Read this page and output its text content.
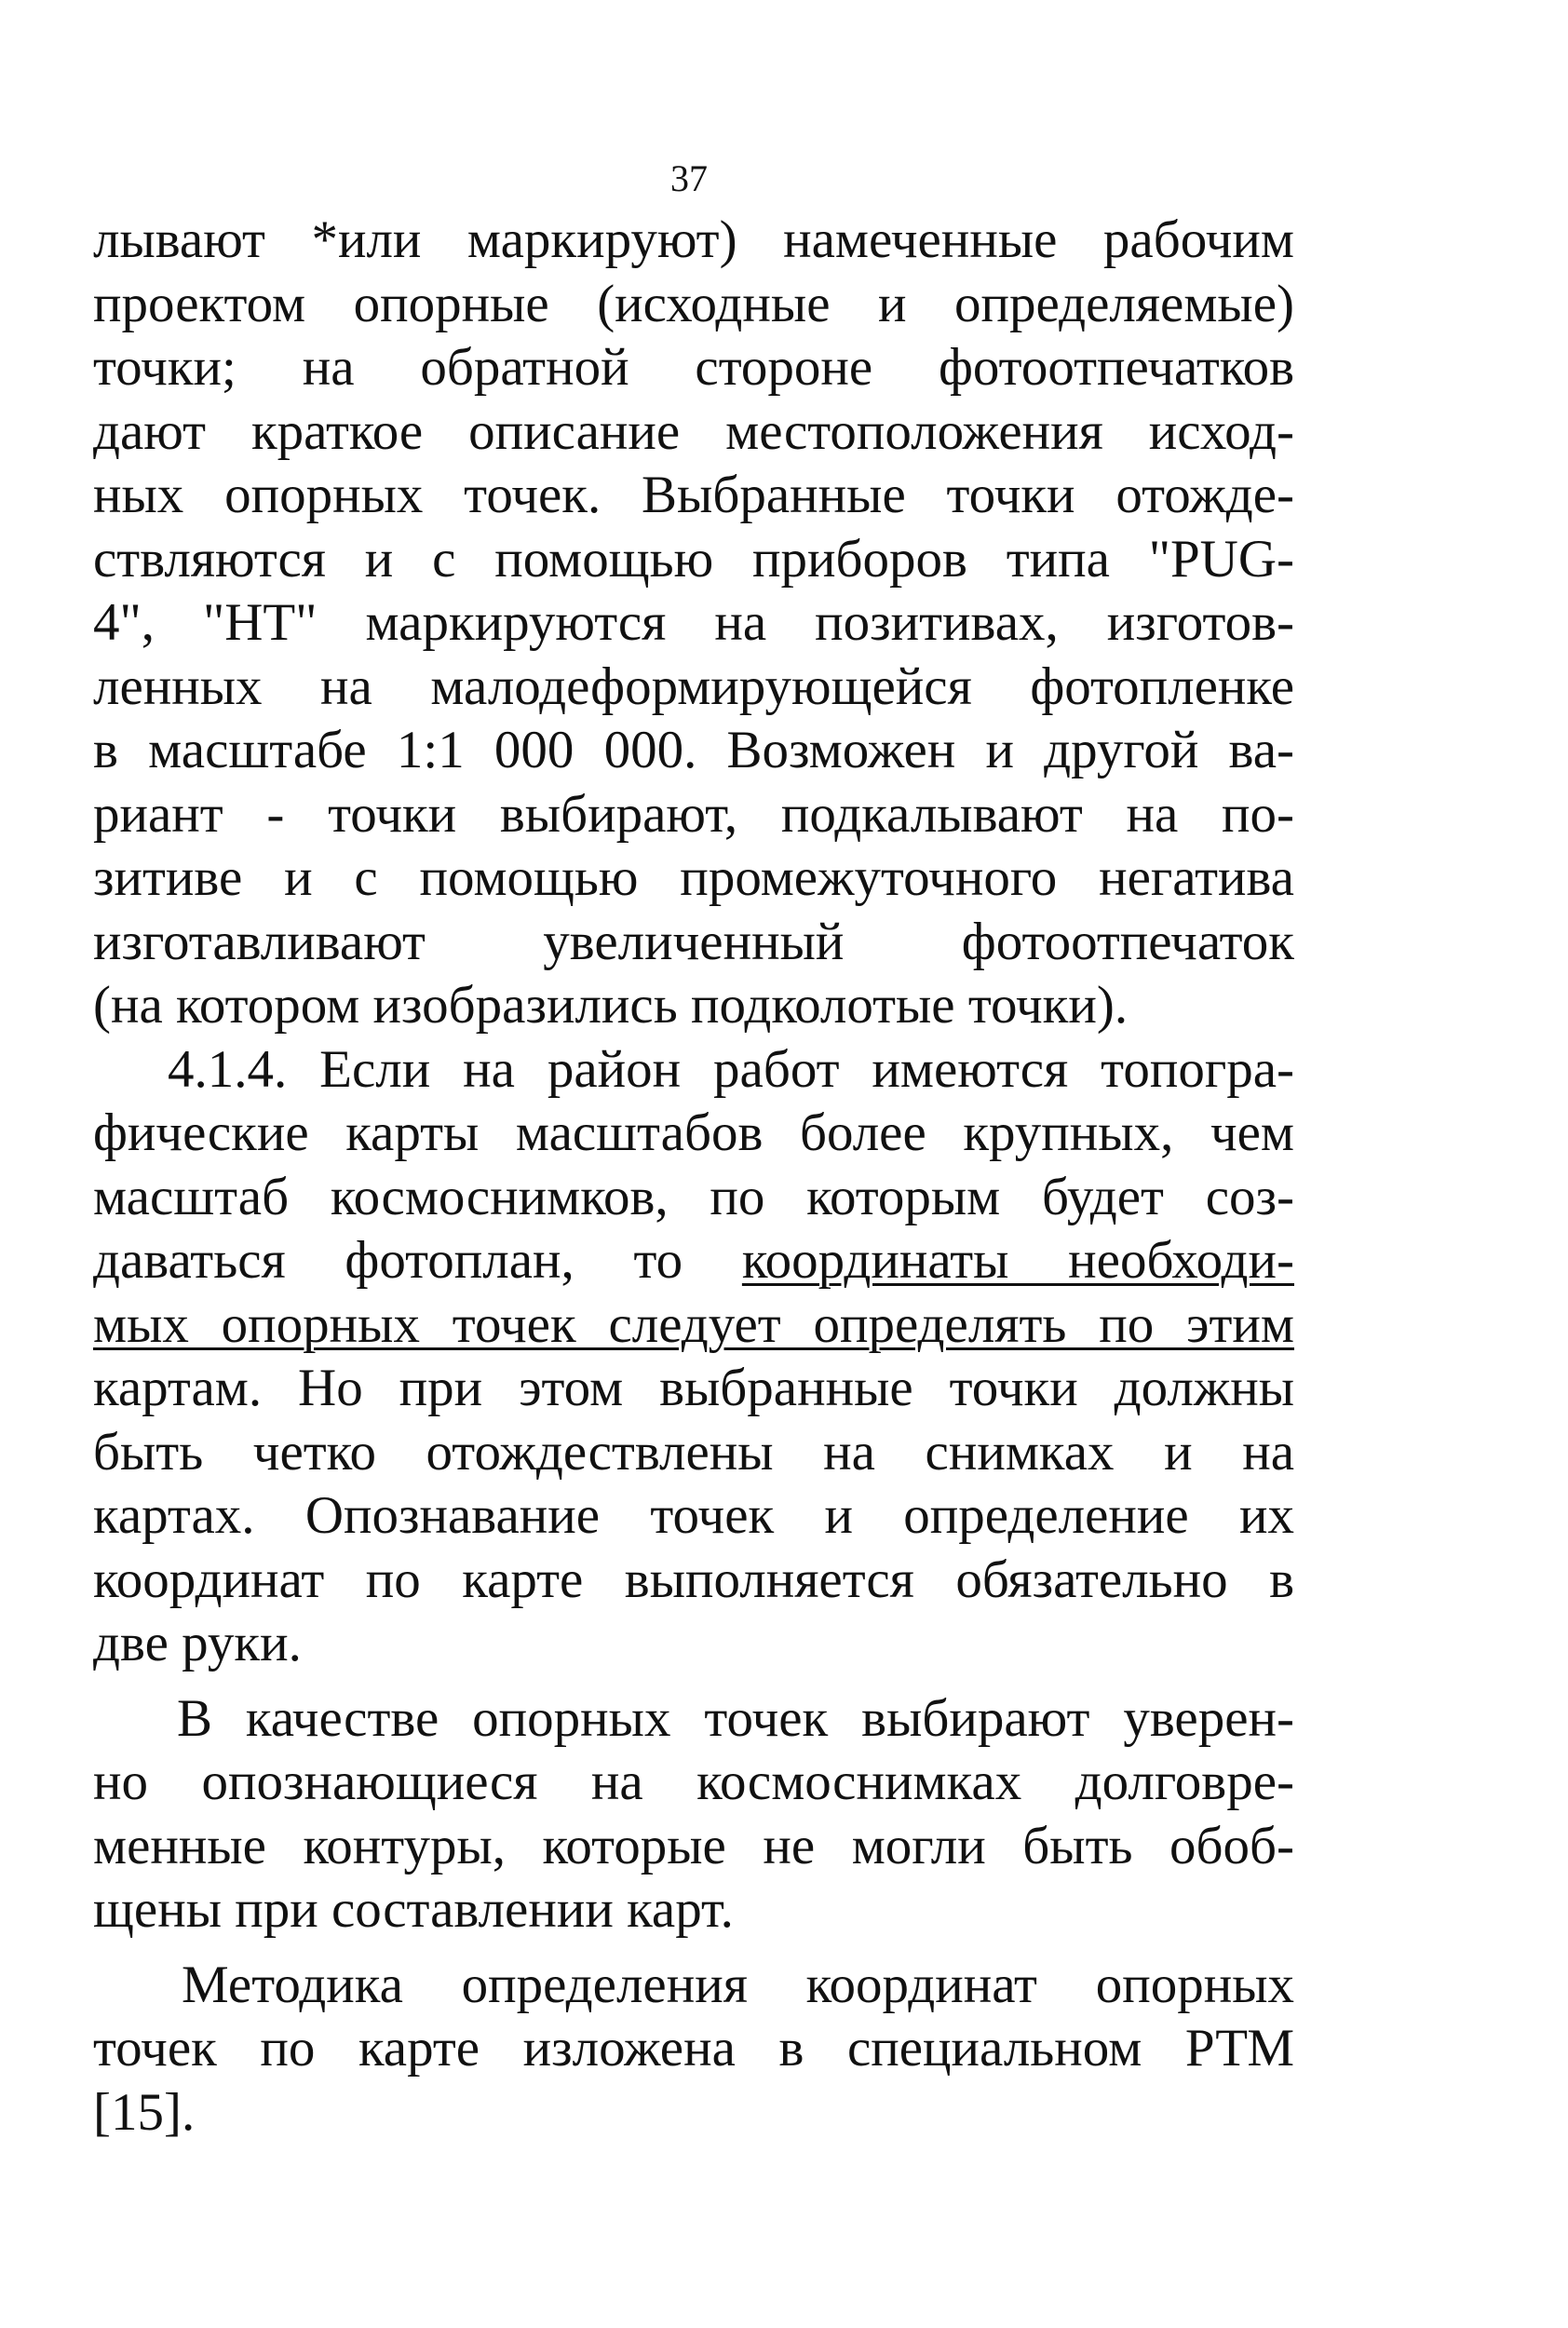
37
лывают *или маркируют) намеченные рабочим
проектом опорные (исходные и определяемые)
точки; на обратной стороне фотоотпечатков
дают краткое описание местоположения исход-
ных опорных точек. Выбранные точки отожде-
ствляются и с помощью приборов типа "PUG-
4", "HT" маркируются на позитивах, изготов-
ленных на малодеформирующейся фотопленке
в масштабе 1:1 000 000. Возможен и другой ва-
риант - точки выбирают, подкалывают на по-
зитиве и с помощью промежуточного негатива
изготавливают увеличенный фотоотпечаток
(на котором изобразились подколотые точки).
4.1.4. Если на район работ имеются топогра-
фические карты масштабов более крупных, чем
масштаб космоснимков, по которым будет соз-
даваться фотоплан, то координаты необходи-
мых опорных точек следует определять по этим
картам. Но при этом выбранные точки должны
быть четко отождествлены на снимках и на
картах. Опознавание точек и определение их
координат по карте выполняется обязательно в
две руки.
В качестве опорных точек выбирают уверен-
но опознающиеся на космоснимках долговре-
менные контуры, которые не могли быть обоб-
щены при составлении карт.
Методика определения координат опорных
точек по карте изложена в специальном РТМ
[15].
